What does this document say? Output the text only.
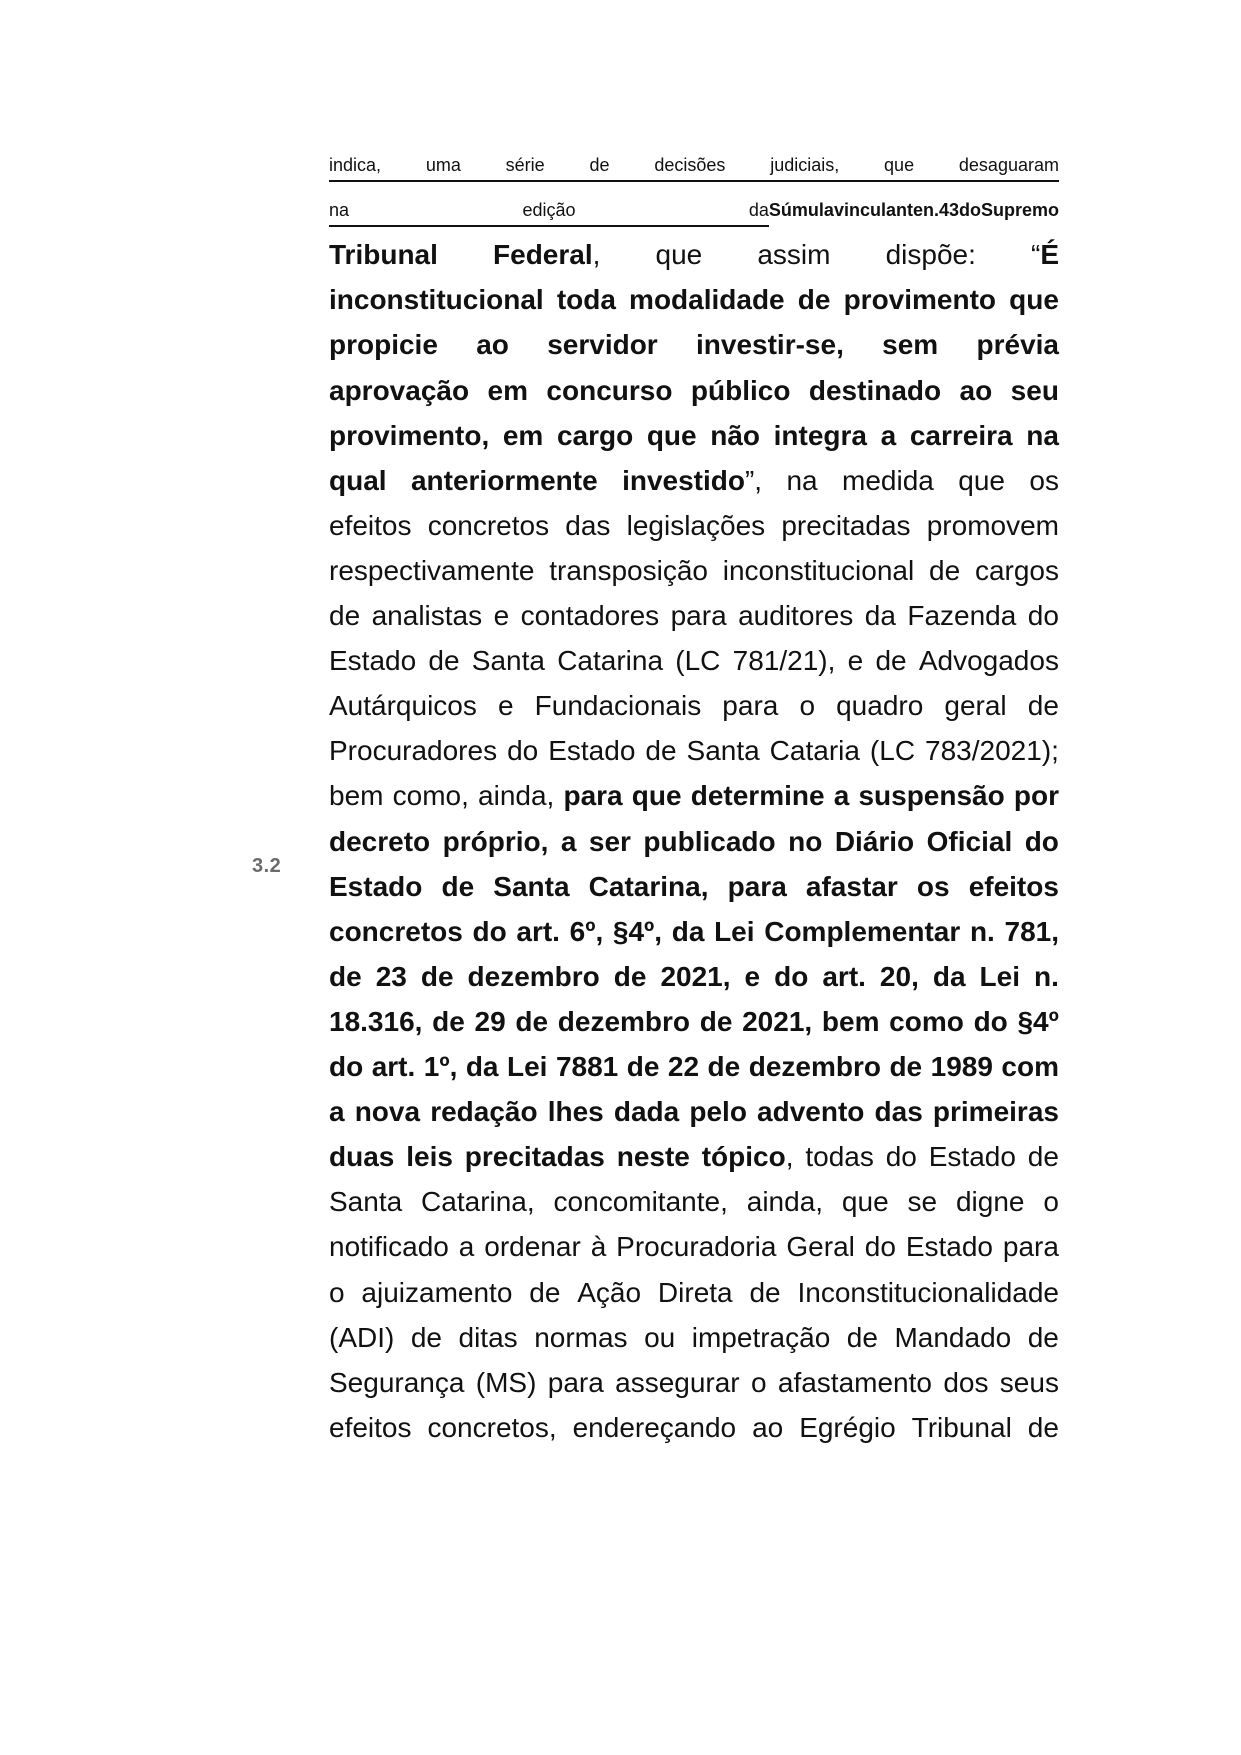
3.2
indica,	uma	série	de	decisões	judiciais,	que	desaguaram
na	edição	da Súmula vinculante n. 43 do Supremo
Tribunal Federal, que assim dispõe: “É
inconstitucional toda modalidade de provimento que
propicie ao servidor investir-se, sem prévia
aprovação em concurso público destinado ao seu
provimento, em cargo que não integra a carreira na
qual anteriormente investido”, na medida que os
efeitos concretos das legislações precitadas promovem
respectivamente transposição inconstitucional de cargos
de analistas e contadores para auditores da Fazenda do
Estado de Santa Catarina (LC 781/21), e de Advogados
Autárquicos e Fundacionais para o quadro geral de
Procuradores do Estado de Santa Cataria (LC 783/2021);
bem como, ainda, para que determine a suspensão por
decreto próprio, a ser publicado no Diário Oficial do
Estado de Santa Catarina, para afastar os efeitos
concretos do art. 6º, §4º, da Lei Complementar n. 781,
de 23 de dezembro de 2021, e do art. 20, da Lei n.
18.316, de 29 de dezembro de 2021, bem como do §4º
do art. 1º, da Lei 7881 de 22 de dezembro de 1989 com
a nova redação lhes dada pelo advento das primeiras
duas leis precitadas neste tópico, todas do Estado de
Santa Catarina, concomitante, ainda, que se digne o
notificado a ordenar à Procuradoria Geral do Estado para
o ajuizamento de Ação Direta de Inconstitucionalidade
(ADI) de ditas normas ou impetração de Mandado de
Segurança (MS) para assegurar o afastamento dos seus
efeitos concretos, endereçando ao Egrégio Tribunal de
